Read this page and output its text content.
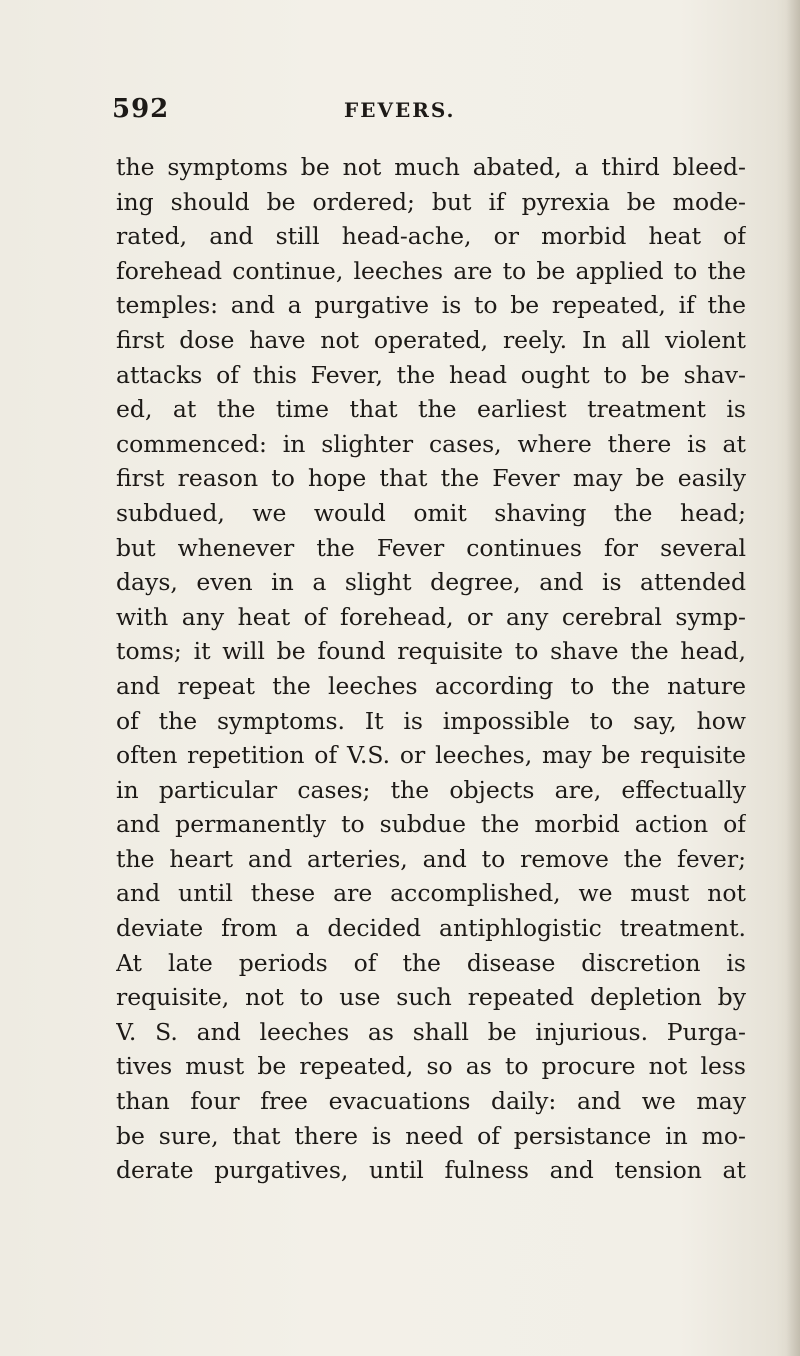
592	FEVERS.
the symptoms be not much abated, a third bleed-
ing should be ordered; but if pyrexia be mode-
rated, and still head-ache, or morbid heat of
forehead continue, leeches are to be applied to the
temples: and a purgative is to be repeated, if the
first dose have not operated, reely. In all violent
attacks of this Fever, the head ought to be shav-
ed, at the time that the earliest treatment is
commenced: in slighter cases, where there is at
first reason to hope that the Fever may be easily
subdued, we would omit shaving the head;
but whenever the Fever continues for several
days, even in a slight degree, and is attended
with any heat of forehead, or any cerebral symp-
toms; it will be found requisite to shave the head,
and repeat the leeches according to the nature
of the symptoms. It is impossible to say, how
often repetition of V.S. or leeches, may be requisite
in particular cases; the objects are, effectually
and permanently to subdue the morbid action of
the heart and arteries, and to remove the fever;
and until these are accomplished, we must not
deviate from a decided antiphlogistic treatment.
At late periods of the disease discretion is
requisite, not to use such repeated depletion by
V. S. and leeches as shall be injurious. Purga-
tives must be repeated, so as to procure not less
than four free evacuations daily: and we may
be sure, that there is need of persistance in mo-
derate purgatives, until fulness and tension at
